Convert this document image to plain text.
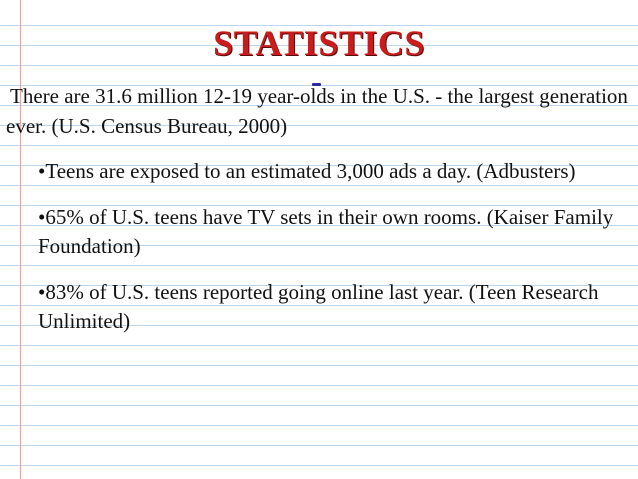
STATISTICS

There are 31.6 million 12-19 year-olds in the U.S. - the largest generation ever. (U.S. Census Bureau, 2000)

•Teens are exposed to an estimated 3,000 ads a day. (Adbusters)
•65% of U.S. teens have TV sets in their own rooms. (Kaiser Family Foundation)
•83% of U.S. teens reported going online last year. (Teen Research Unlimited)
